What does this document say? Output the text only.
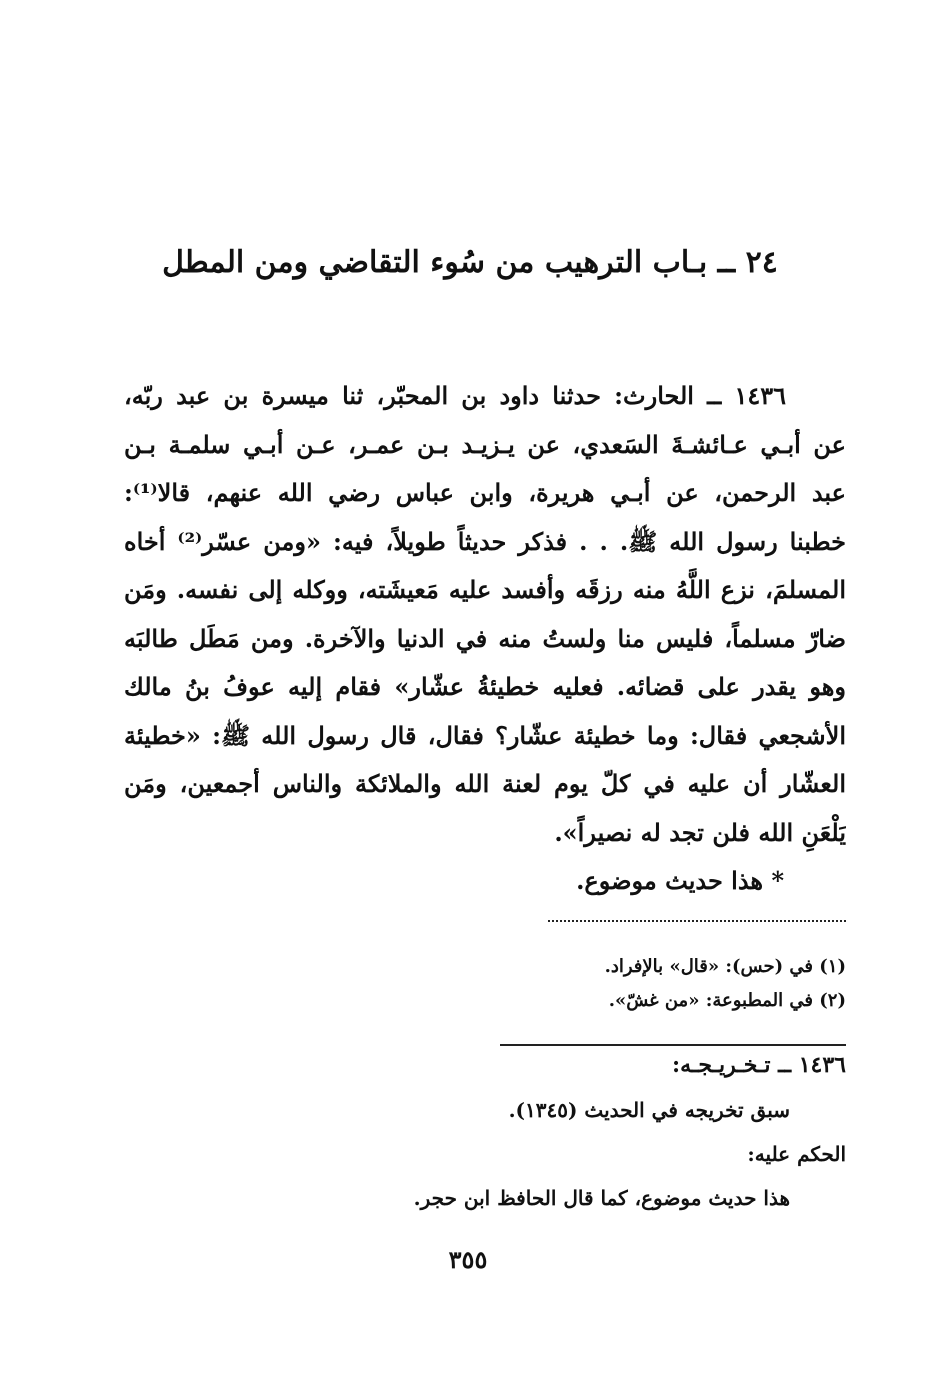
٢٤ ــ بـاب الترهيب من سُوء التقاضي ومن المطل
١٤٣٦ ــ الحارث: حدثنا داود بن المحبّر، ثنا ميسرة بن عبد ربّه،
عن أبـي عـائشـةَ السَعدي، عن يـزيـد بـن عمـر، عـن أبـي سلمـة بـن
عبد الرحمن، عن أبـي هريرة، وابن عباس رضي الله عنهم، قالا⁽¹⁾:
خطبنا رسول الله ﷺ. . . فذكر حديثاً طويلاً، فيه: «ومن عسّر⁽²⁾ أخاه
المسلمَ، نزع اللَّهُ منه رزقَه وأفسد عليه مَعيشَته، ووكله إلى نفسه. ومَن
ضارّ مسلماً، فليس منا ولستُ منه في الدنيا والآخرة. ومن مَطَل طالبَه
وهو يقدر على قضائه. فعليه خطيئةُ عشّار» فقام إليه عوفُ بنُ مالك
الأشجعي فقال: وما خطيئة عشّار؟ فقال، قال رسول الله ﷺ: «خطيئة
العشّار أن عليه في كلّ يوم لعنة الله والملائكة والناس أجمعين، ومَن
يَلْعَنِ الله فلن تجد له نصيراً».
* هذا حديث موضوع.
(١) في (حس): «قال» بالإفراد.
(٢) في المطبوعة: «من غشّ».
١٤٣٦ ــ تـخـريـجـه:
سبق تخريجه في الحديث (١٣٤٥).
الحكم عليه:
هذا حديث موضوع، كما قال الحافظ ابن حجر.
٣٥٥
